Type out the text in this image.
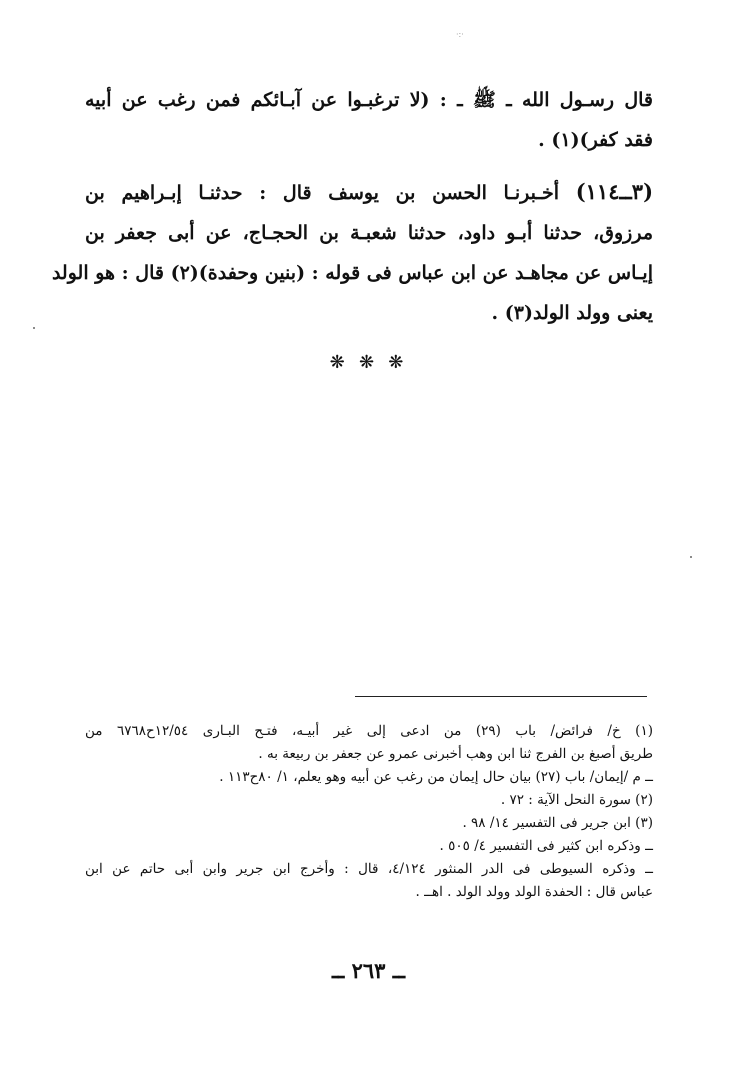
·:·
قال رسـول الله ـ ﷺ ـ : (لا ترغبـوا عن آبـائكم فمن رغب عن أبيه
فقد كفر)(١) .
(٣ــ١١٤) أخـبرنـا الحسن بن يوسف قال : حدثنـا إبـراهيم بن
مرزوق، حدثنا أبـو داود، حدثنا شعبـة بن الحجـاج، عن أبى جعفر بن
إيـاس عن مجاهـد عن ابن عباس فى قوله : (بنين وحفدة)(٢) قال : هو الولد
يعنى وولد الولد(٣) .
❋ ❋ ❋
(١) خ/ فرائض/ باب (٢٩) من ادعى إلى غير أبيـه، فتـح البـارى ١٢/٥٤ح٦٧٦٨ من
طريق أصبغ بن الفرج ثنا ابن وهب أخبرنى عمرو عن جعفر بن ربيعة به .
ــ م /إيمان/ باب (٢٧) بيان حال إيمان من رغب عن أبيه وهو يعلم، ١/ ٨٠ح١١٣ .
(٢) سورة النحل الآية : ٧٢ .
(٣) ابن جرير فى التفسير ١٤/ ٩٨ .
ــ وذكره ابن كثير فى التفسير ٤/ ٥٠٥ .
ــ وذكره السيوطى فى الدر المنثور ٤/١٢٤، قال : وأخرج ابن جرير وابن أبى حاتم عن ابن
عباس قال : الحفدة الولد وولد الولد . اهــ .
ــ ٢٦٣ ــ
